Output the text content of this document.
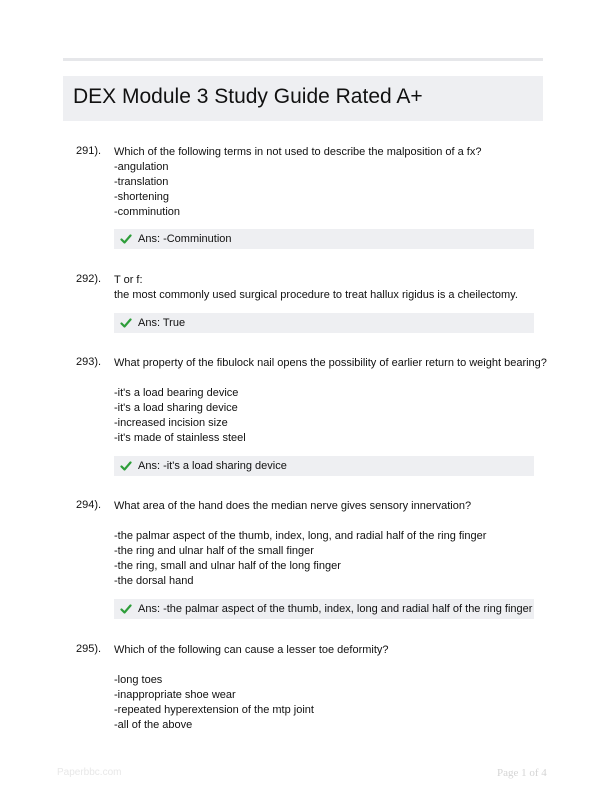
DEX Module 3 Study Guide Rated A+
291). Which of the following terms in not used to describe the malposition of a fx?
-angulation
-translation
-shortening
-comminution
Ans: -Comminution
292). T or f:
the most commonly used surgical procedure to treat hallux rigidus is a cheilectomy.
Ans: True
293). What property of the fibulock nail opens the possibility of earlier return to weight bearing?
-it's a load bearing device
-it's a load sharing device
-increased incision size
-it's made of stainless steel
Ans: -it's a load sharing device
294). What area of the hand does the median nerve gives sensory innervation?
-the palmar aspect of the thumb, index, long, and radial half of the ring finger
-the ring and ulnar half of the small finger
-the ring, small and ulnar half of the long finger
-the dorsal hand
Ans: -the palmar aspect of the thumb, index, long and radial half of the ring finger
295). Which of the following can cause a lesser toe deformity?
-long toes
-inappropriate shoe wear
-repeated hyperextension of the mtp joint
-all of the above
Paperbbc.com	Page 1 of 4
